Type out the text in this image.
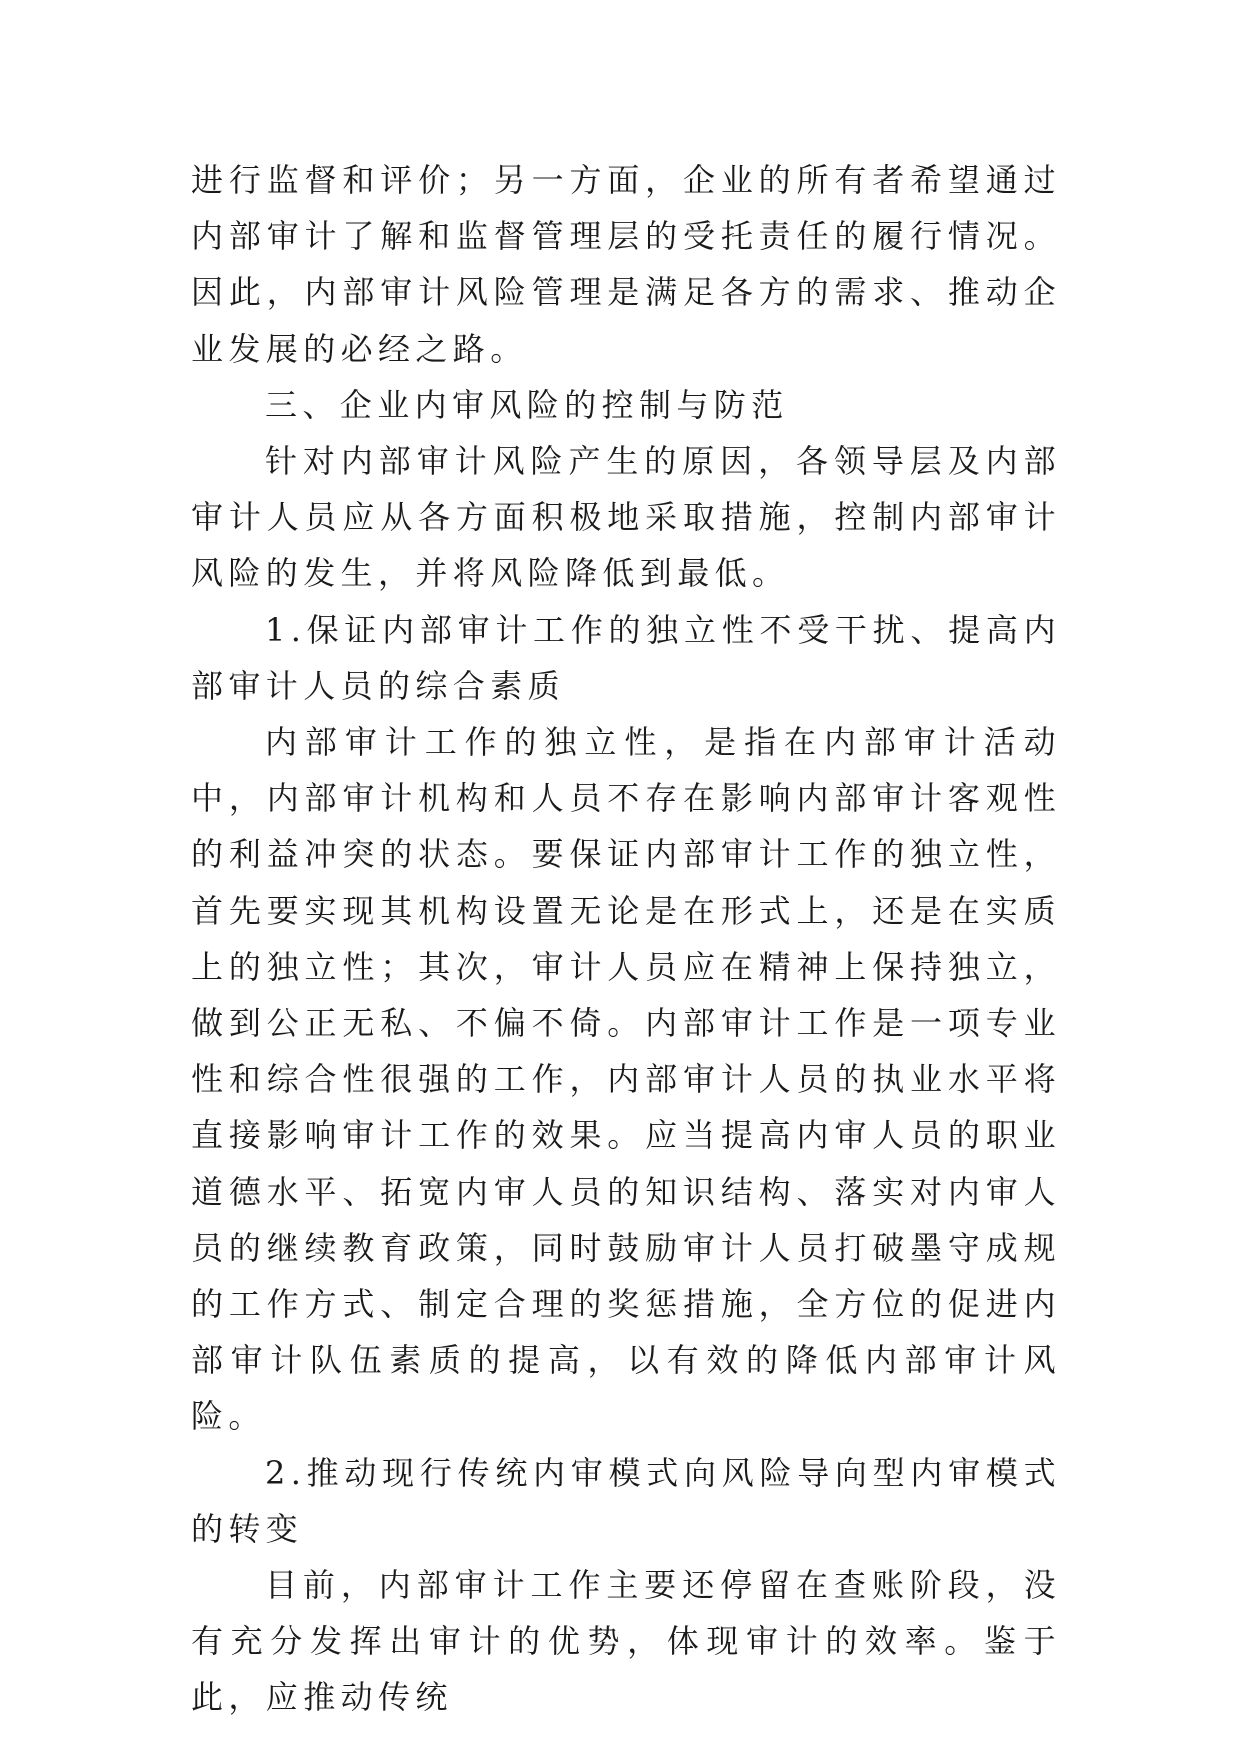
进行监督和评价；另一方面，企业的所有者希望通过内部审计了解和监督管理层的受托责任的履行情况。因此，内部审计风险管理是满足各方的需求、推动企业发展的必经之路。

三、企业内审风险的控制与防范

针对内部审计风险产生的原因，各领导层及内部审计人员应从各方面积极地采取措施，控制内部审计风险的发生，并将风险降低到最低。

1.保证内部审计工作的独立性不受干扰、提高内部审计人员的综合素质

内部审计工作的独立性，是指在内部审计活动中，内部审计机构和人员不存在影响内部审计客观性的利益冲突的状态。要保证内部审计工作的独立性，首先要实现其机构设置无论是在形式上，还是在实质上的独立性；其次，审计人员应在精神上保持独立，做到公正无私、不偏不倚。内部审计工作是一项专业性和综合性很强的工作，内部审计人员的执业水平将直接影响审计工作的效果。应当提高内审人员的职业道德水平、拓宽内审人员的知识结构、落实对内审人员的继续教育政策，同时鼓励审计人员打破墨守成规的工作方式、制定合理的奖惩措施，全方位的促进内部审计队伍素质的提高，以有效的降低内部审计风险。

2.推动现行传统内审模式向风险导向型内审模式的转变

目前，内部审计工作主要还停留在查账阶段，没有充分发挥出审计的优势，体现审计的效率。鉴于此，应推动传统
